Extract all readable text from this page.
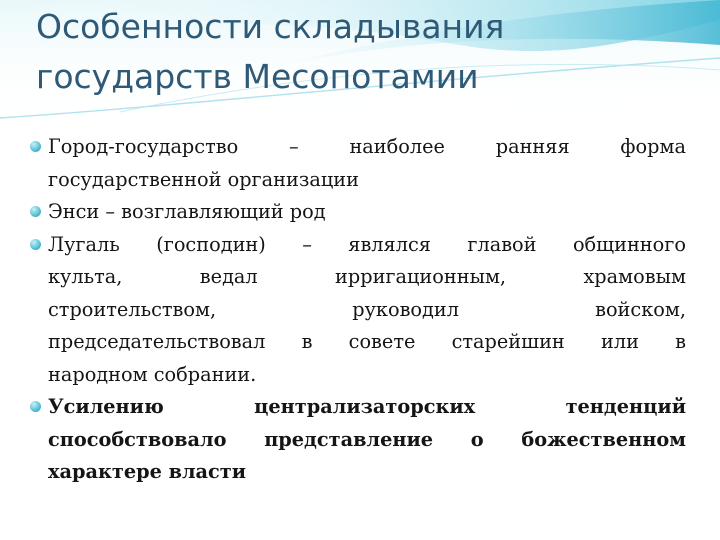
Особенности складывания
государств Месопотамии
Город-государство	–	наиболее	ранняя	форма
государственной организации
Энси – возглавляющий род
Лугаль (господин) – являлся главой общинного
культа,	ведал	ирригационным,	храмовым
строительством,	руководил	войском,
председательствовал в совете старейшин или в
народном собрании.
Усилению	централизаторских	тенденций
способствовало представление о божественном
характере власти
